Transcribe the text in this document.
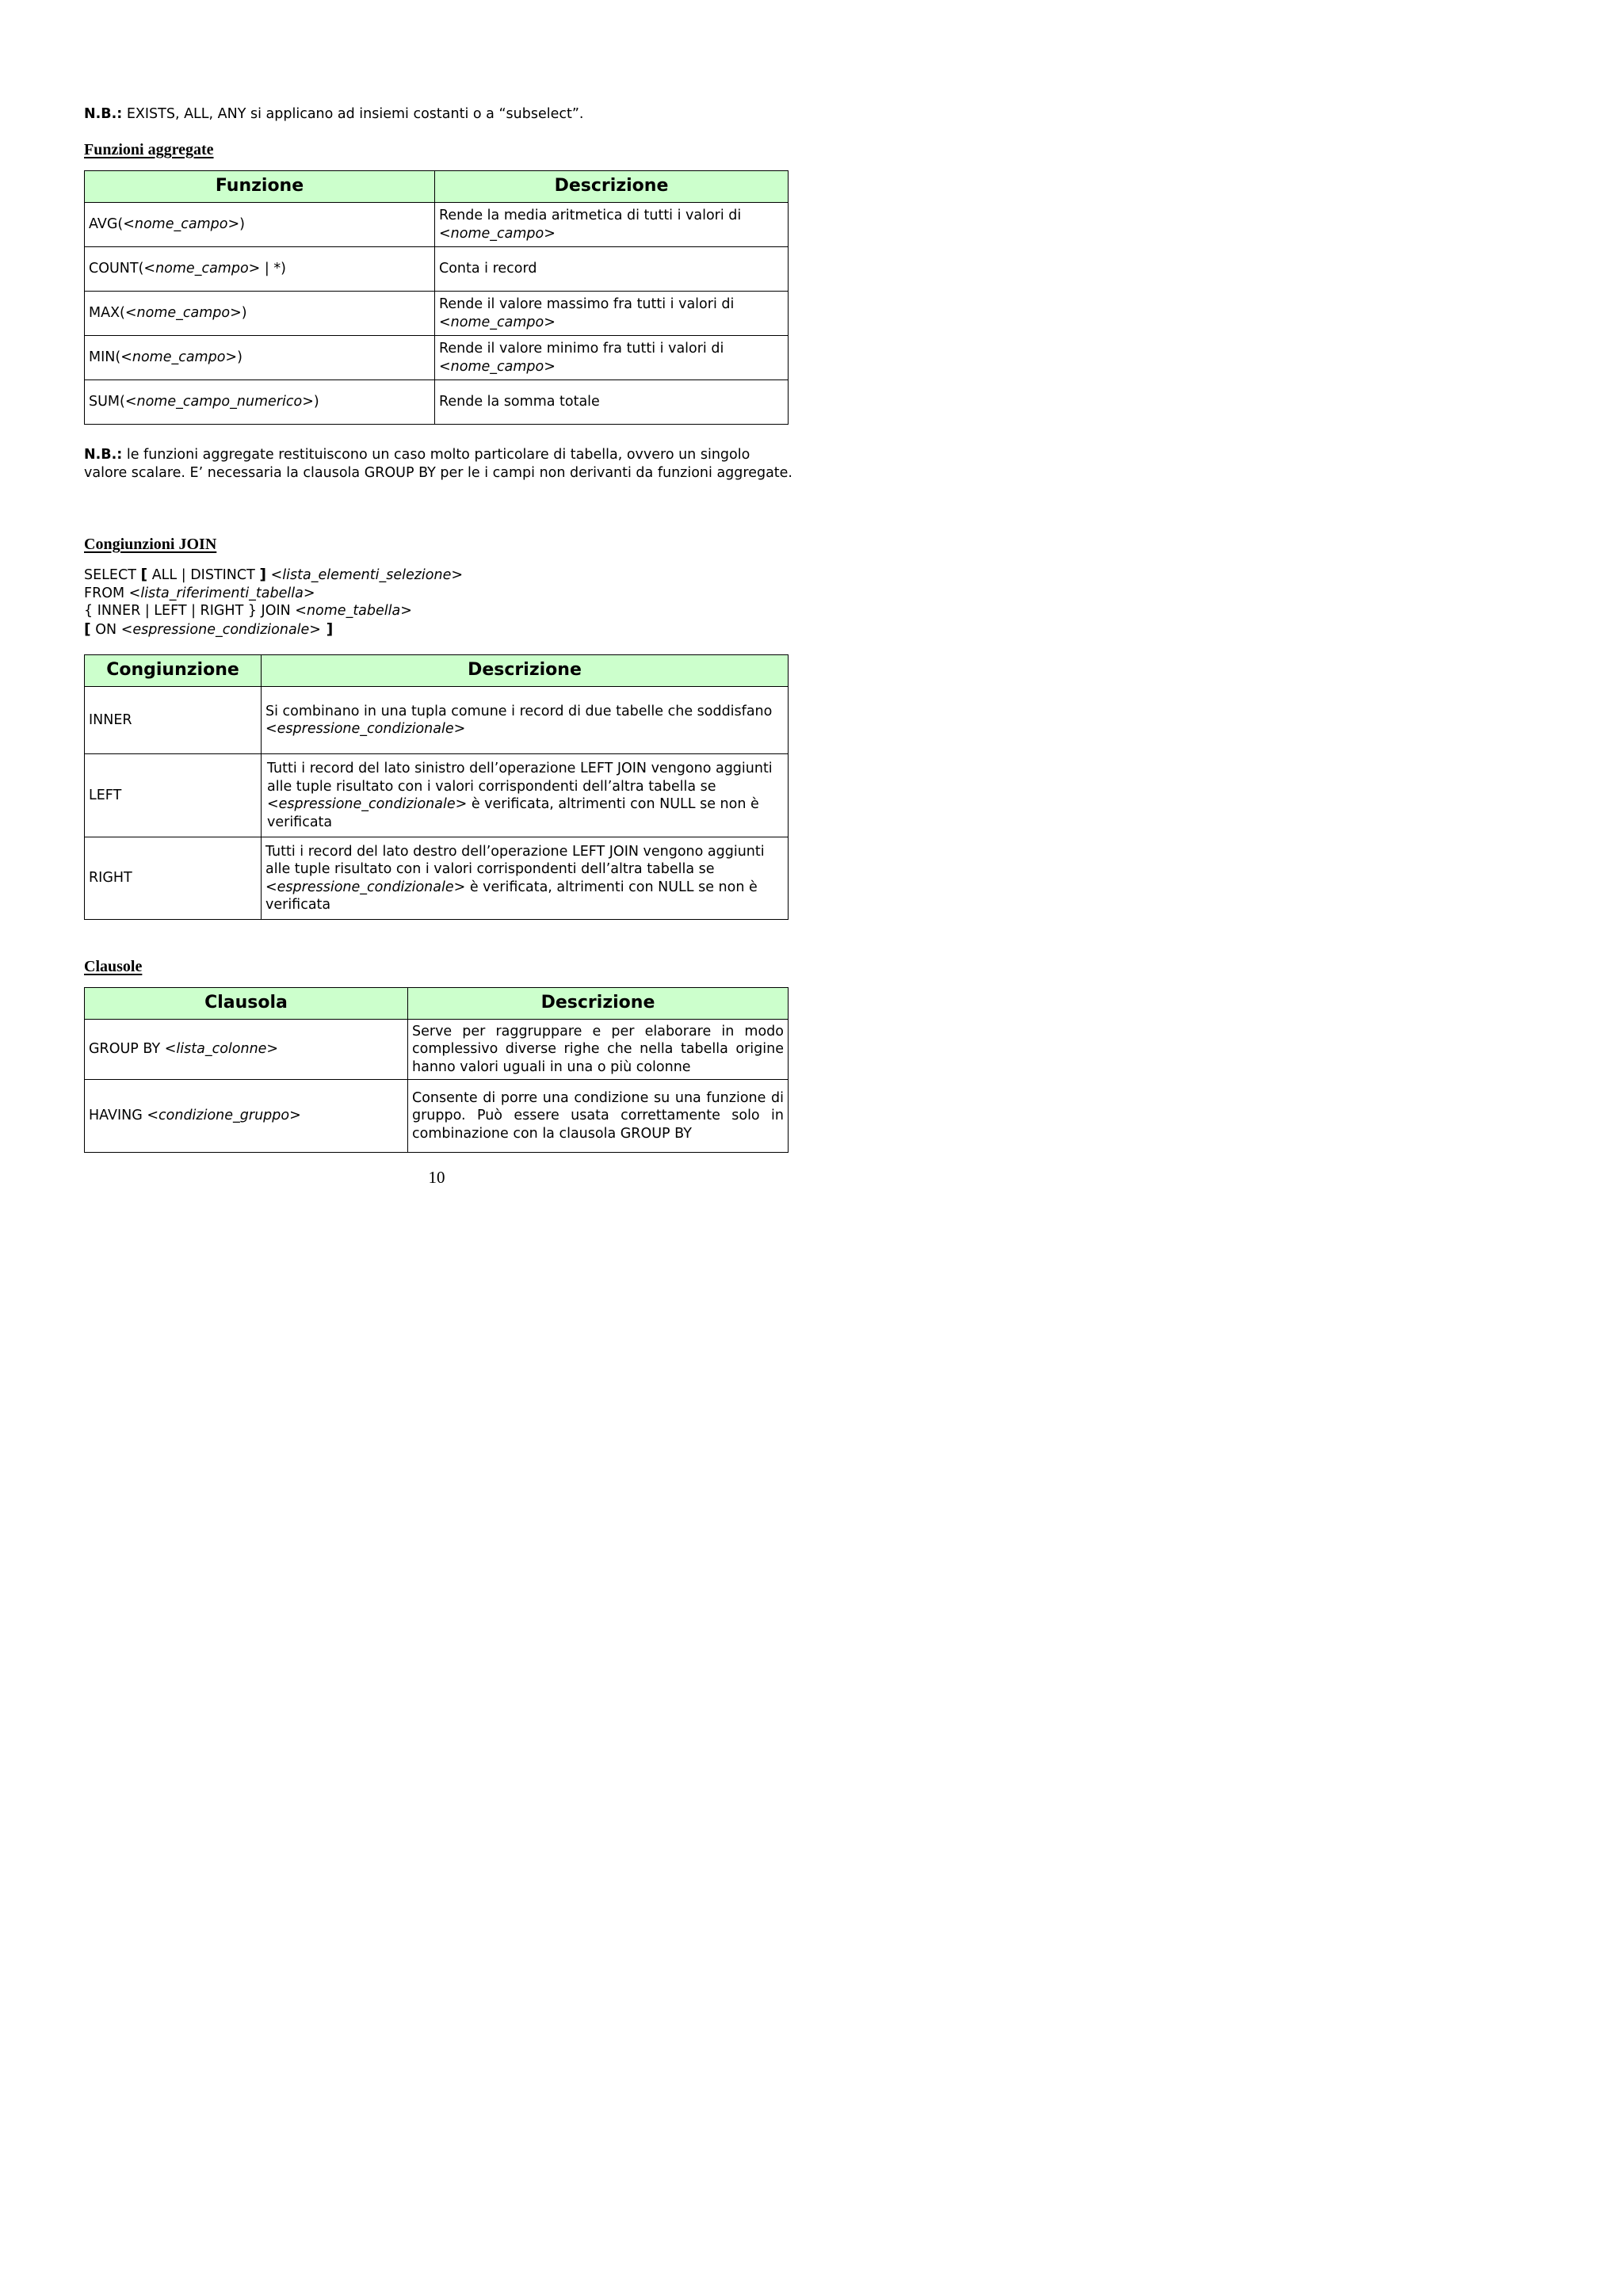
N.B.: EXISTS, ALL, ANY si applicano ad insiemi costanti o a “subselect”.
Funzioni aggregate
Funzione	Descrizione
AVG(<nome_campo>)	Rende la media aritmetica di tutti i valori di <nome_campo>
COUNT(<nome_campo> | *)	Conta i record
MAX(<nome_campo>)	Rende il valore massimo fra tutti i valori di <nome_campo>
MIN(<nome_campo>)	Rende il valore minimo fra tutti i valori di <nome_campo>
SUM(<nome_campo_numerico>)	Rende la somma totale
N.B.: le funzioni aggregate restituiscono un caso molto particolare di tabella, ovvero un singolo valore scalare. E’ necessaria la clausola GROUP BY per le i campi non derivanti da funzioni aggregate.
Congiunzioni JOIN
SELECT [ ALL | DISTINCT ] <lista_elementi_selezione>
FROM <lista_riferimenti_tabella>
{ INNER | LEFT | RIGHT } JOIN <nome_tabella>
[ ON <espressione_condizionale> ]
Congiunzione	Descrizione
INNER	Si combinano in una tupla comune i record di due tabelle che soddisfano <espressione_condizionale>
LEFT	Tutti i record del lato sinistro dell’operazione LEFT JOIN vengono aggiunti alle tuple risultato con i valori corrispondenti dell’altra tabella se <espressione_condizionale> è verificata, altrimenti con NULL se non è verificata
RIGHT	Tutti i record del lato destro dell’operazione LEFT JOIN vengono aggiunti alle tuple risultato con i valori corrispondenti dell’altra tabella se <espressione_condizionale> è verificata, altrimenti con NULL se non è verificata
Clausole
Clausola	Descrizione
GROUP BY <lista_colonne>	Serve per raggruppare e per elaborare in modo complessivo diverse righe che nella tabella origine hanno valori uguali in una o più colonne
HAVING <condizione_gruppo>	Consente di porre una condizione su una funzione di gruppo. Può essere usata correttamente solo in combinazione con la clausola GROUP BY
10
